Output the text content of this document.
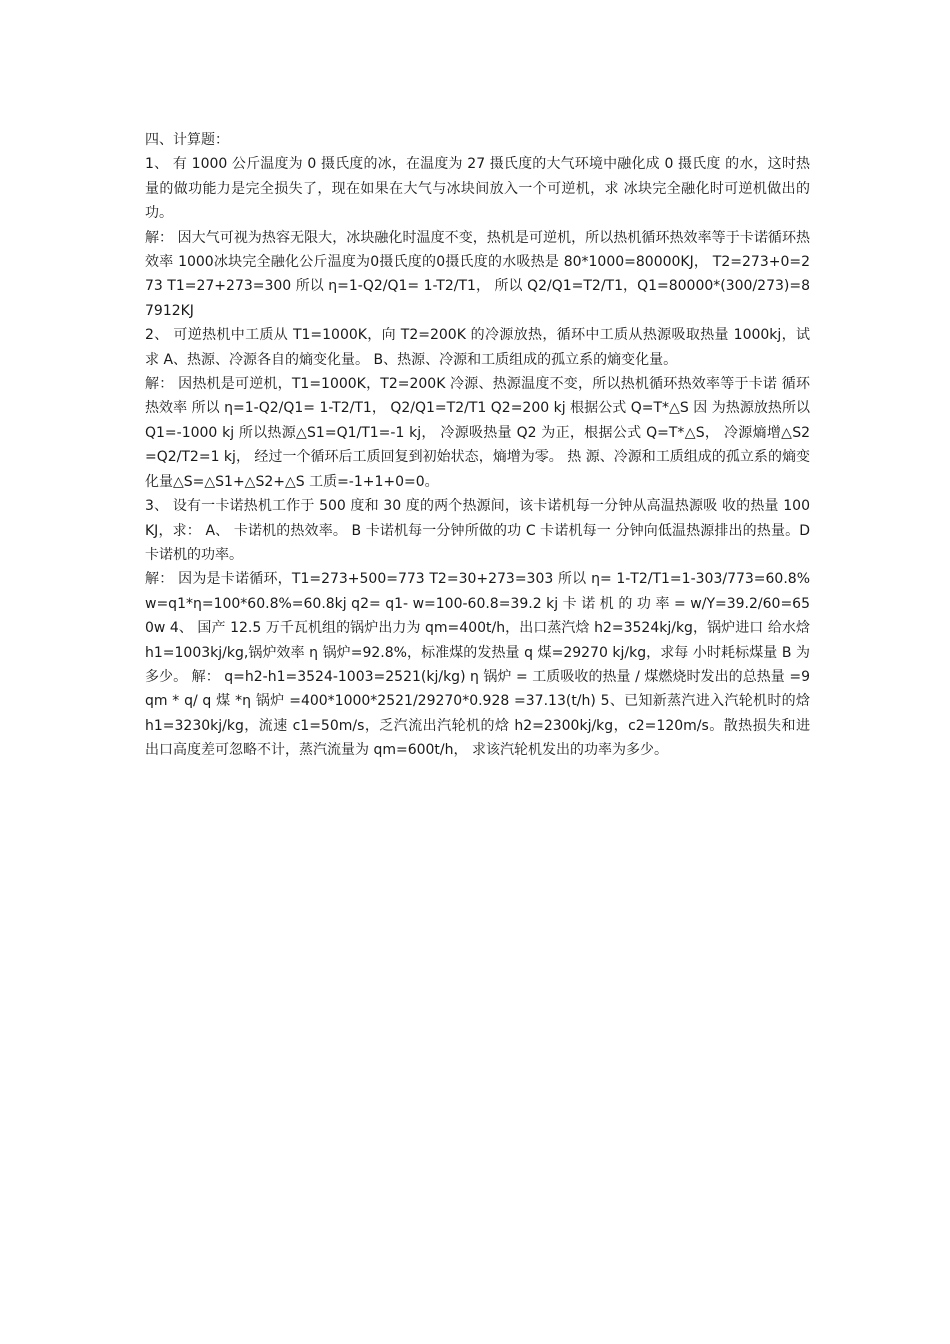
四、计算题：

1、 有 1000 公斤温度为 0 摄氏度的冰，在温度为 27 摄氏度的大气环境中融化成 0 摄氏度 的水，这时热量的做功能力是完全损失了，现在如果在大气与冰块间放入一个可逆机，求 冰块完全融化时可逆机做出的功。

解： 因大气可视为热容无限大，冰块融化时温度不变，热机是可逆机，所以热机循环热效率等于卡诺循环热效率 1000冰块完全融化公斤温度为0摄氏度的0摄氏度的水吸热是 80*1000=80000KJ， T2=273+0=273 T1=27+273=300 所以 η=1-Q2/Q1= 1-T2/T1， 所以 Q2/Q1=T2/T1，Q1=80000*(300/273)=87912KJ

2、 可逆热机中工质从 T1=1000K，向 T2=200K 的冷源放热，循环中工质从热源吸取热量 1000kj，试求 A、热源、冷源各自的熵变化量。 B、热源、冷源和工质组成的孤立系的熵变化量。

解： 因热机是可逆机，T1=1000K，T2=200K 冷源、热源温度不变，所以热机循环热效率等于卡诺 循环热效率 所以 η=1-Q2/Q1= 1-T2/T1， Q2/Q1=T2/T1 Q2=200 kj 根据公式 Q=T*△S 因 为热源放热所以 Q1=-1000 kj 所以热源△S1=Q1/T1=-1 kj， 冷源吸热量 Q2 为正，根据公式 Q=T*△S， 冷源熵增△S2 =Q2/T2=1 kj， 经过一个循环后工质回复到初始状态，熵增为零。 热 源、冷源和工质组成的孤立系的熵变化量△S=△S1+△S2+△S 工质=-1+1+0=0。

3、 设有一卡诺热机工作于 500 度和 30 度的两个热源间，该卡诺机每一分钟从高温热源吸 收的热量 100KJ，求： A、 卡诺机的热效率。 B 卡诺机每一分钟所做的功 C 卡诺机每一 分钟向低温热源排出的热量。D 卡诺机的功率。

解： 因为是卡诺循环，T1=273+500=773 T2=30+273=303 所以 η= 1-T2/T1=1-303/773=60.8% w=q1*η=100*60.8%=60.8kj q2= q1- w=100-60.8=39.2 kj 卡 诺 机 的 功 率 = w/Y=39.2/60=650w 4、 国产 12.5 万千瓦机组的锅炉出力为 qm=400t/h，出口蒸汽焓 h2=3524kj/kg，锅炉进口 给水焓 h1=1003kj/kg,锅炉效率 η 锅炉=92.8%，标准煤的发热量 q 煤=29270 kj/kg，求每 小时耗标煤量 B 为多少。 解： q=h2-h1=3524-1003=2521(kj/kg) η 锅炉 = 工质吸收的热量 / 煤燃烧时发出的总热量 =9 qm * q/ q 煤 *η 锅炉 =400*1000*2521/29270*0.928 =37.13(t/h) 5、已知新蒸汽进入汽轮机时的焓 h1=3230kj/kg，流速 c1=50m/s，乏汽流出汽轮机的焓 h2=2300kj/kg，c2=120m/s。散热损失和进出口高度差可忽略不计，蒸汽流量为 qm=600t/h， 求该汽轮机发出的功率为多少。
